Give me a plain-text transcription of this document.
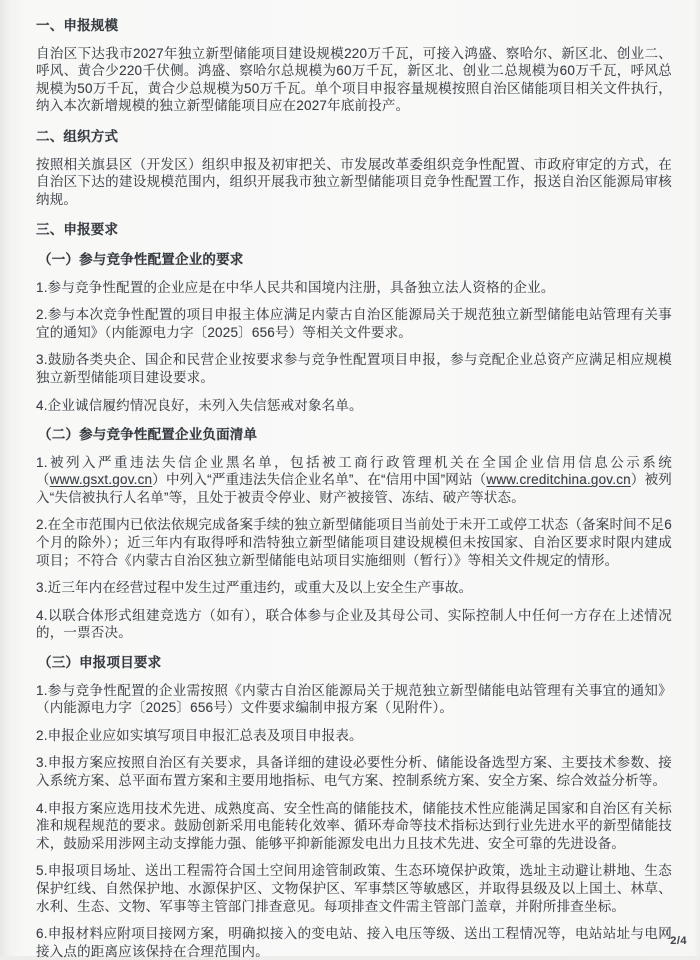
一、申报规模

自治区下达我市2027年独立新型储能项目建设规模220万千瓦，可接入鸿盛、察哈尔、新区北、创业二、呼风、黄合少220千伏侧。鸿盛、察哈尔总规模为60万千瓦，新区北、创业二总规模为60万千瓦，呼风总规模为50万千瓦，黄合少总规模为50万千瓦。单个项目申报容量规模按照自治区储能项目相关文件执行，纳入本次新增规模的独立新型储能项目应在2027年底前投产。

二、组织方式

按照相关旗县区（开发区）组织申报及初审把关、市发展改革委组织竞争性配置、市政府审定的方式，在自治区下达的建设规模范围内，组织开展我市独立新型储能项目竞争性配置工作，报送自治区能源局审核纳规。

三、申报要求
（一）参与竞争性配置企业的要求

1.参与竞争性配置的企业应是在中华人民共和国境内注册，具备独立法人资格的企业。

2.参与本次竞争性配置的项目申报主体应满足内蒙古自治区能源局关于规范独立新型储能电站管理有关事宜的通知》（内能源电力字〔2025〕656号）等相关文件要求。

3.鼓励各类央企、国企和民营企业按要求参与竞争性配置项目申报，参与竞配企业总资产应满足相应规模独立新型储能项目建设要求。

4.企业诚信履约情况良好，未列入失信惩戒对象名单。

（二）参与竞争性配置企业负面清单

1.被列入严重违法失信企业黑名单，包括被工商行政管理机关在全国企业信用信息公示系统（www.gsxt.gov.cn）中列入“严重违法失信企业名单”、在“信用中国”网站（www.creditchina.gov.cn）被列入“失信被执行人名单”等，且处于被责令停业、财产被接管、冻结、破产等状态。

2.在全市范围内已依法依规完成备案手续的独立新型储能项目当前处于未开工或停工状态（备案时间不足6个月的除外）；近三年内有取得呼和浩特独立新型储能项目建设规模但未按国家、自治区要求时限内建成项目；不符合《内蒙古自治区独立新型储能电站项目实施细则（暂行）》等相关文件规定的情形。

3.近三年内在经营过程中发生过严重违约，或重大及以上安全生产事故。

4.以联合体形式组建竞选方（如有），联合体参与企业及其母公司、实际控制人中任何一方存在上述情况的，一票否决。

（三）申报项目要求

1.参与竞争性配置的企业需按照《内蒙古自治区能源局关于规范独立新型储能电站管理有关事宜的通知》（内能源电力字〔2025〕656号）文件要求编制申报方案（见附件）。

2.申报企业应如实填写项目申报汇总表及项目申报表。

3.申报方案应按照自治区有关要求，具备详细的建设必要性分析、储能设备选型方案、主要技术参数、接入系统方案、总平面布置方案和主要用地指标、电气方案、控制系统方案、安全方案、综合效益分析等。

4.申报方案应选用技术先进、成熟度高、安全性高的储能技术，储能技术性应能满足国家和自治区有关标准和规程规范的要求。鼓励创新采用电能转化效率、循环寿命等技术指标达到行业先进水平的新型储能技术，鼓励采用涉网主动支撑能力强、能够平抑新能源发电出力且技术先进、安全可靠的先进设备。

5.申报项目场址、送出工程需符合国土空间用途管制政策、生态环境保护政策，选址主动避让耕地、生态保护红线、自然保护地、水源保护区、文物保护区、军事禁区等敏感区，并取得县级及以上国土、林草、水利、生态、文物、军事等主管部门排查意见。每项排查文件需主管部门盖章，并附所排查坐标。

6.申报材料应附项目接网方案，明确拟接入的变电站、接入电压等级、送出工程情况等，电站站址与电网接入点的距离应该保持在合理范围内。

2/4
